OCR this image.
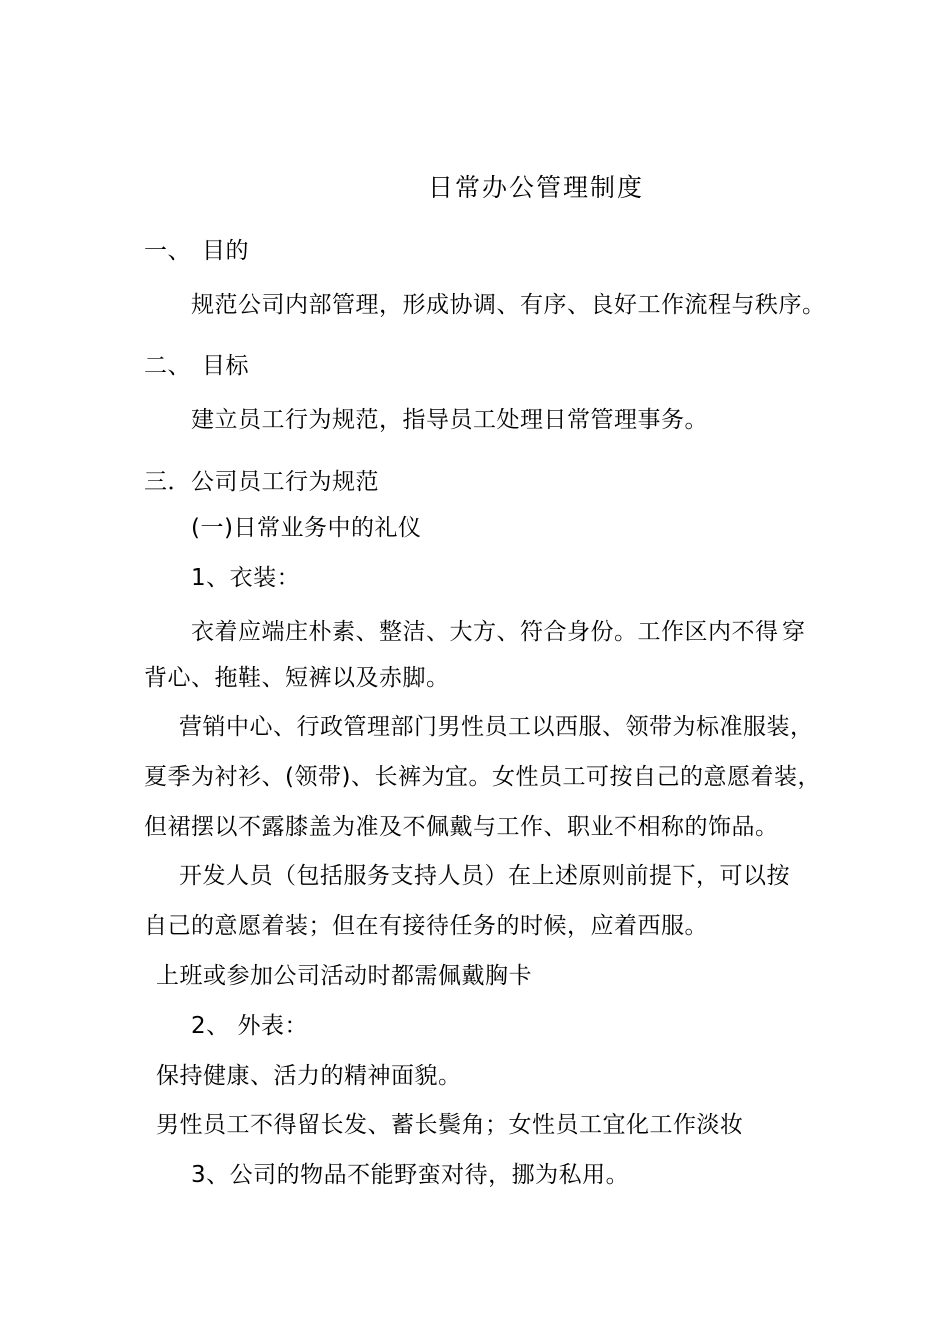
日常办公管理制度
一、 目的
规范公司内部管理，形成协调、有序、良好工作流程与秩序。
二、 目标
建立员工行为规范，指导员工处理日常管理事务。
三．公司员工行为规范
(一)日常业务中的礼仪
1、衣装：
衣着应端庄朴素、整洁、大方、符合身份。工作区内不得 穿
背心、拖鞋、短裤以及赤脚。
营销中心、行政管理部门男性员工以西服、领带为标准服装，
夏季为衬衫、(领带)、长裤为宜。女性员工可按自己的意愿着装，
但裙摆以不露膝盖为准及不佩戴与工作、职业不相称的饰品。
开发人员（包括服务支持人员）在上述原则前提下，可以按
自己的意愿着装；但在有接待任务的时候，应着西服。
上班或参加公司活动时都需佩戴胸卡
2、 外表：
保持健康、活力的精神面貌。
男性员工不得留长发、蓄长鬓角；女性员工宜化工作淡妆
3、公司的物品不能野蛮对待，挪为私用。
